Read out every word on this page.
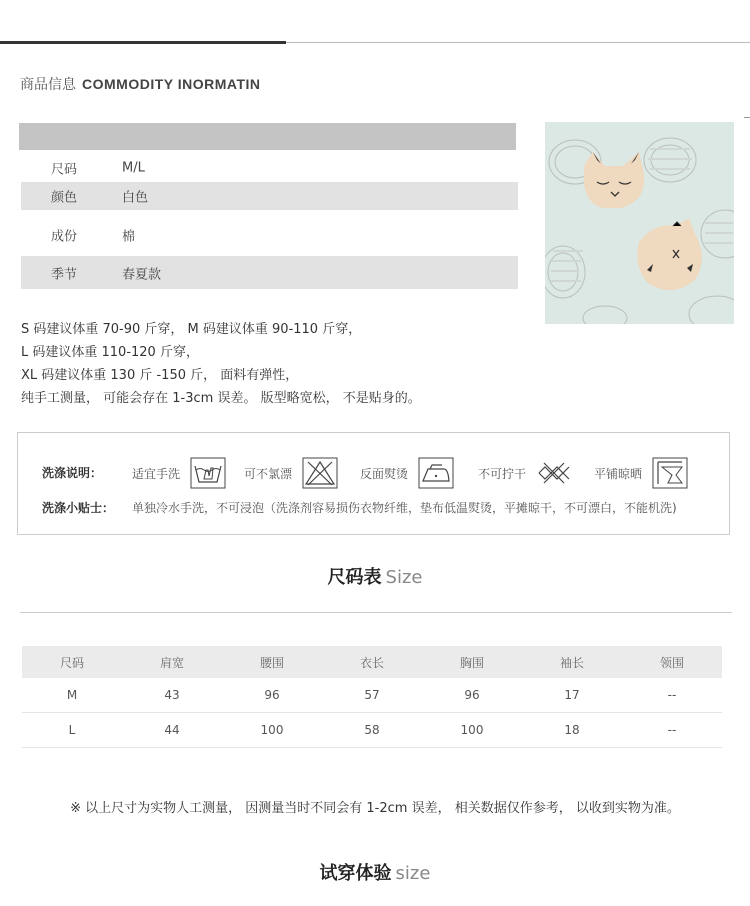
商品信息 COMMODITY INORMATIN
尺码	M/L
颜色	白色
成份	棉
季节	春夏款
S 码建议体重 70-90 斤穿， M 码建议体重 90-110 斤穿，
L 码建议体重 110-120 斤穿，
XL 码建议体重 130 斤 -150 斤， 面料有弹性，
纯手工测量， 可能会存在 1-3cm 误差。 版型略宽松， 不是贴身的。
洗涤说明： 适宜手洗	可不氯漂	反面熨烫	不可拧干	平铺晾晒
洗涤小贴士： 单独冷水手洗，不可浸泡（洗涤剂容易损伤衣物纤维，垫布低温熨烫，平摊晾干，不可漂白，不能机洗)
尺码表 Size
尺码	肩宽	腰围	衣长	胸围	袖长	领围
M	43	96	57	96	17	--
L	44	100	58	100	18	--
※ 以上尺寸为实物人工测量， 因测量当时不同会有 1-2cm 误差， 相关数据仅作参考， 以收到实物为准。
试穿体验 size
